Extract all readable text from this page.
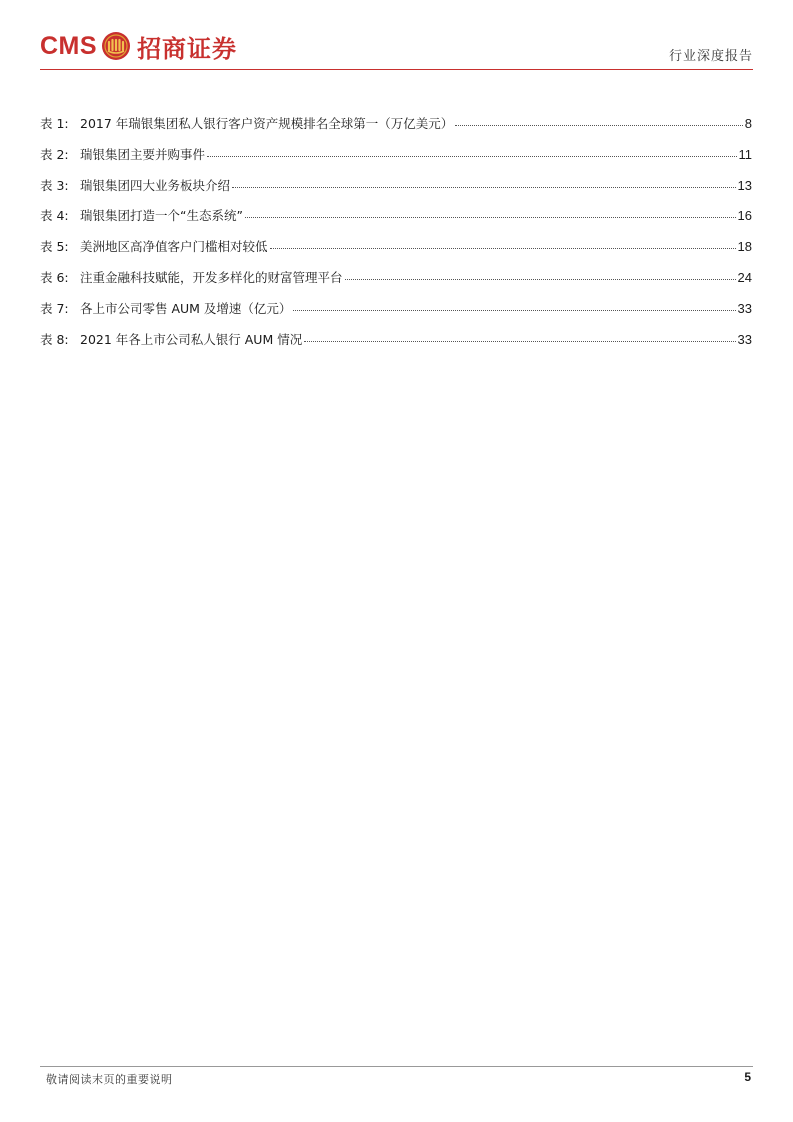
CMS 招商证券	行业深度报告
表 1: 2017 年瑞银集团私人银行客户资产规模排名全球第一（万亿美元）	8
表 2: 瑞银集团主要并购事件	11
表 3: 瑞银集团四大业务板块介绍	13
表 4: 瑞银集团打造一个“生态系统”	16
表 5: 美洲地区高净值客户门槛相对较低	18
表 6: 注重金融科技赋能，开发多样化的财富管理平台	24
表 7: 各上市公司零售 AUM 及增速（亿元）	33
表 8: 2021 年各上市公司私人银行 AUM 情况	33
敬请阅读末页的重要说明	5
